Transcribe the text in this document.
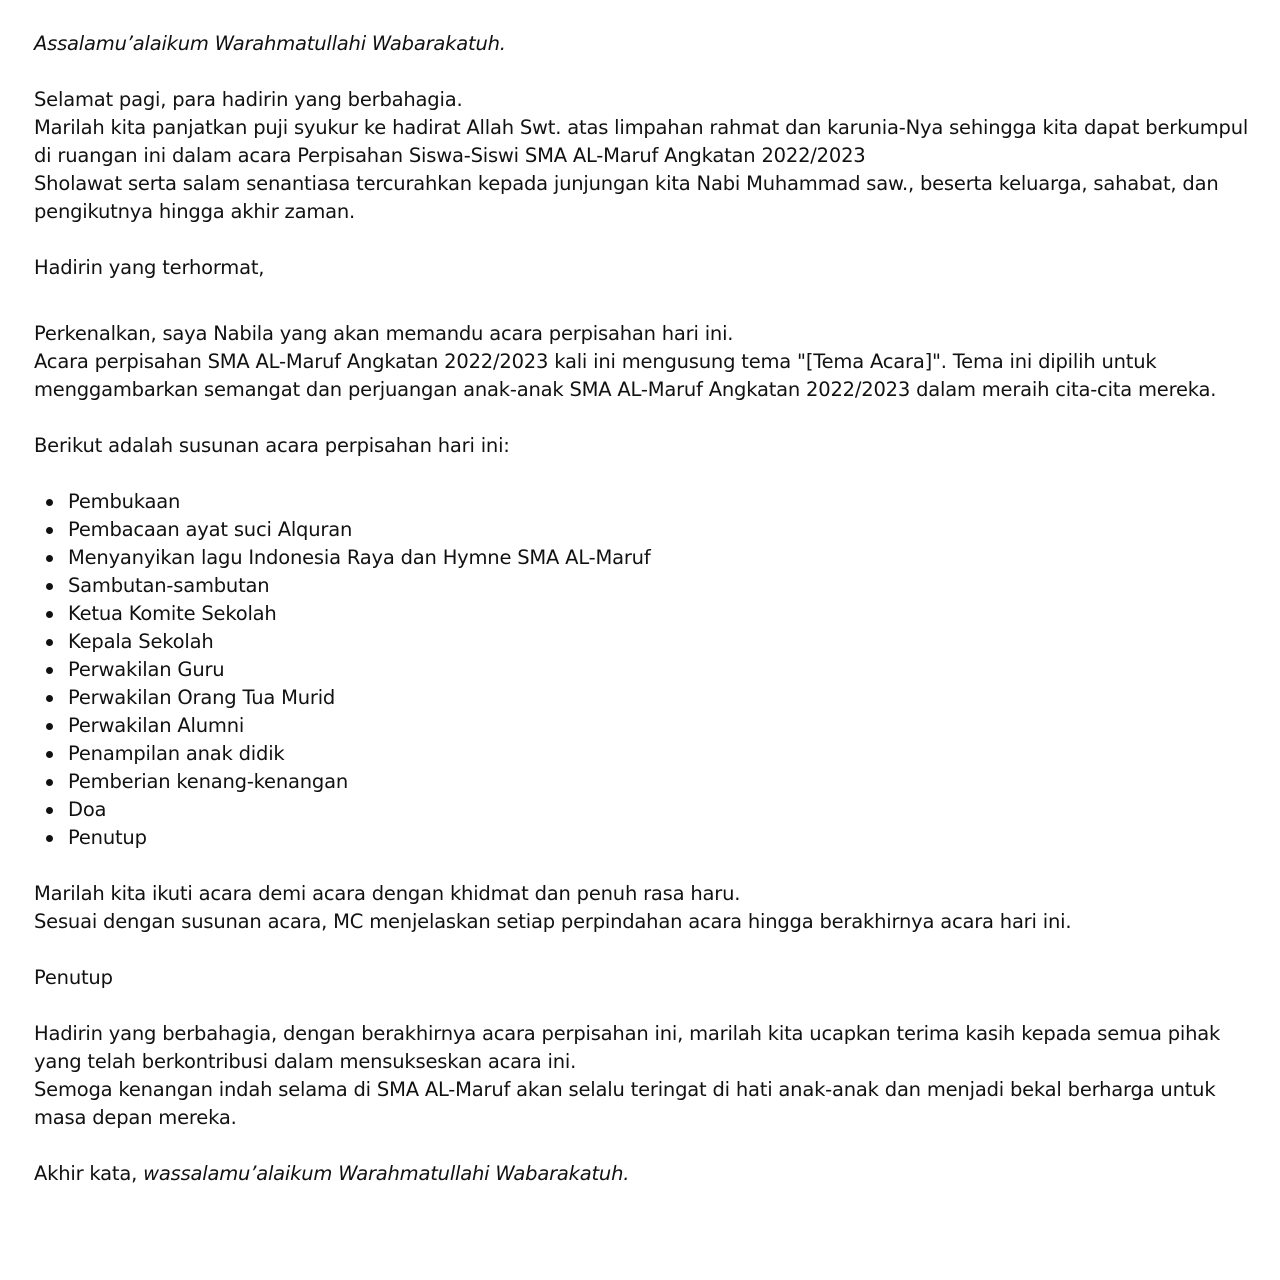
Assalamu’alaikum Warahmatullahi Wabarakatuh.

Selamat pagi, para hadirin yang berbahagia.

Marilah kita panjatkan puji syukur ke hadirat Allah Swt. atas limpahan rahmat dan karunia-Nya sehingga kita dapat berkumpul di ruangan ini dalam acara Perpisahan Siswa-Siswi SMA AL-Maruf Angkatan 2022/2023

Sholawat serta salam senantiasa tercurahkan kepada junjungan kita Nabi Muhammad saw., beserta keluarga, sahabat, dan pengikutnya hingga akhir zaman.

Hadirin yang terhormat,

Perkenalkan, saya Nabila yang akan memandu acara perpisahan hari ini.

Acara perpisahan SMA AL-Maruf Angkatan 2022/2023 kali ini mengusung tema "[Tema Acara]". Tema ini dipilih untuk menggambarkan semangat dan perjuangan anak-anak SMA AL-Maruf Angkatan 2022/2023 dalam meraih cita-cita mereka.

Berikut adalah susunan acara perpisahan hari ini:

Pembukaan
Pembacaan ayat suci Alquran
Menyanyikan lagu Indonesia Raya dan Hymne SMA AL-Maruf
Sambutan-sambutan
Ketua Komite Sekolah
Kepala Sekolah
Perwakilan Guru
Perwakilan Orang Tua Murid
Perwakilan Alumni
Penampilan anak didik
Pemberian kenang-kenangan
Doa
Penutup

Marilah kita ikuti acara demi acara dengan khidmat dan penuh rasa haru.

Sesuai dengan susunan acara, MC menjelaskan setiap perpindahan acara hingga berakhirnya acara hari ini.

Penutup

Hadirin yang berbahagia, dengan berakhirnya acara perpisahan ini, marilah kita ucapkan terima kasih kepada semua pihak yang telah berkontribusi dalam mensukseskan acara ini.

Semoga kenangan indah selama di SMA AL-Maruf akan selalu teringat di hati anak-anak dan menjadi bekal berharga untuk masa depan mereka.

Akhir kata, wassalamu’alaikum Warahmatullahi Wabarakatuh.
